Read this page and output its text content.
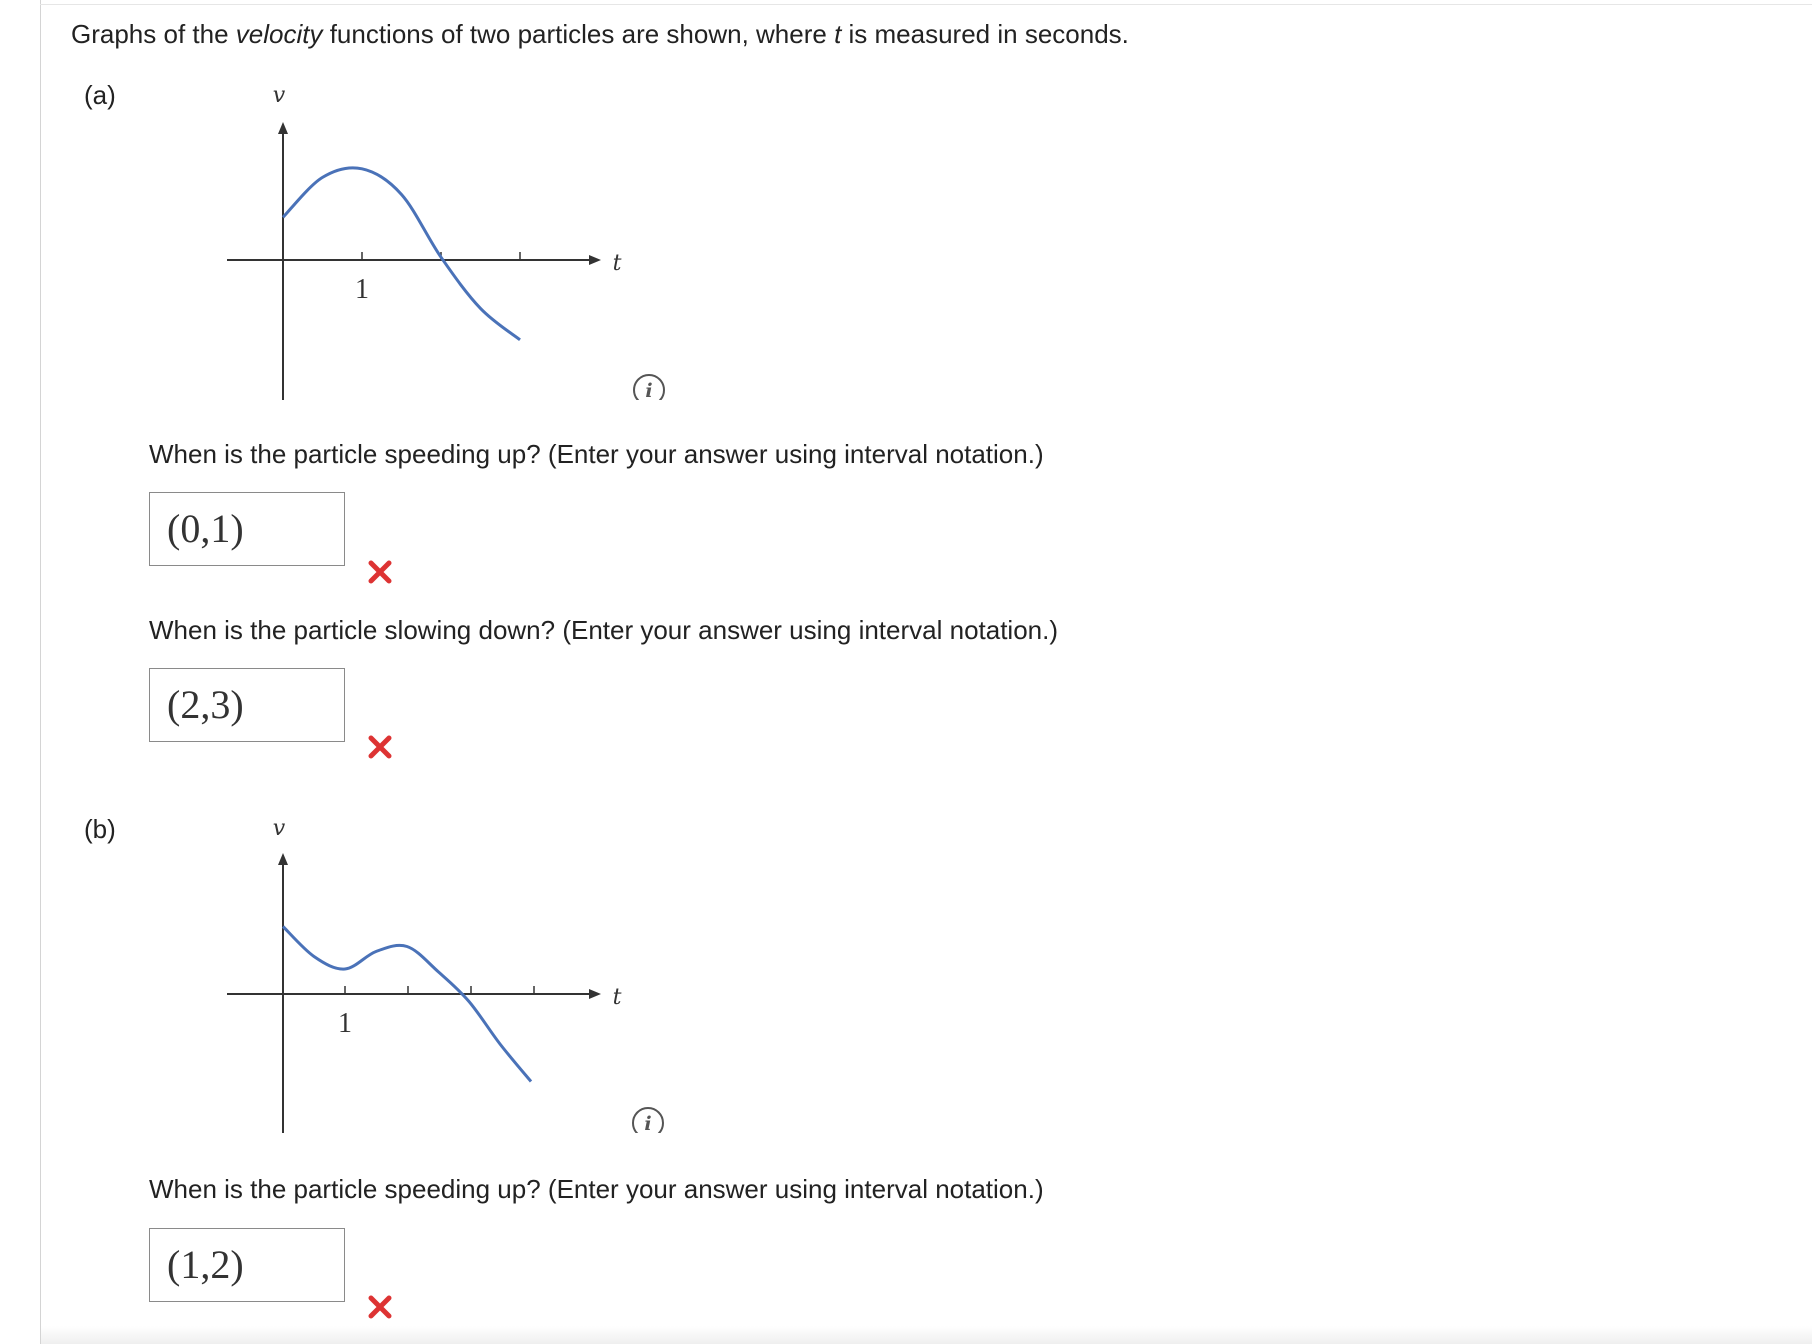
Graphs of the velocity functions of two particles are shown, where t is measured in seconds.
(a)	v
t
1
i
When is the particle speeding up? (Enter your answer using interval notation.)
(0,1)
When is the particle slowing down? (Enter your answer using interval notation.)
(2,3)
(b)	v
t
1
i
When is the particle speeding up? (Enter your answer using interval notation.)
(1,2)
